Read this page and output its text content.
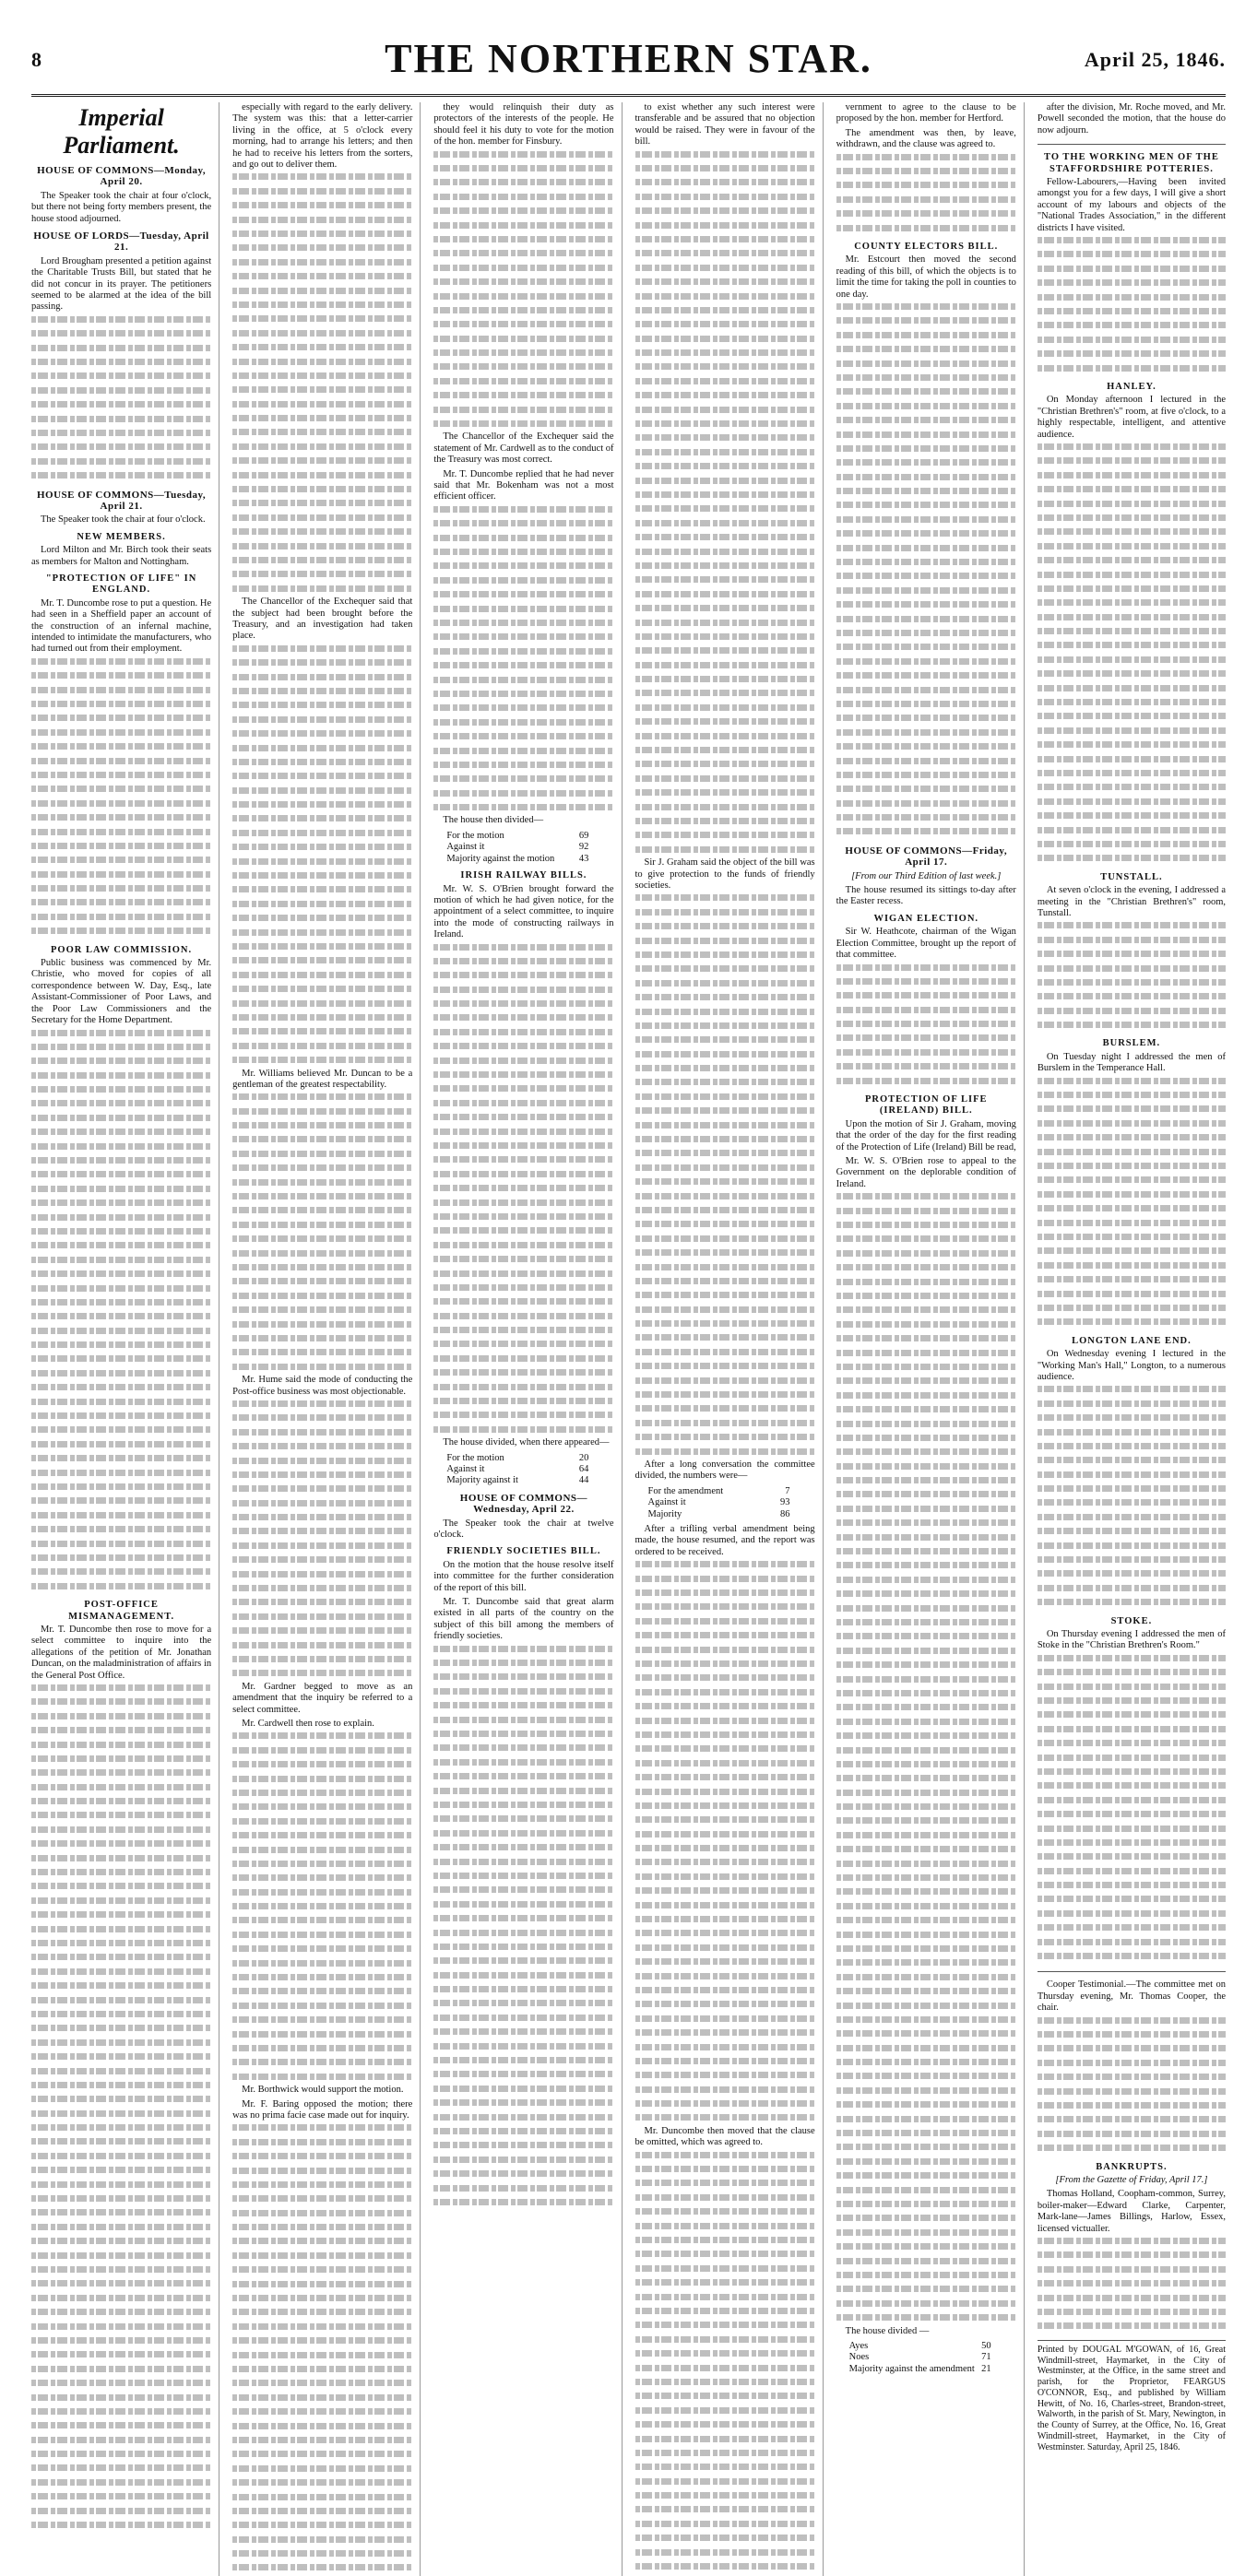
8	THE NORTHERN STAR.	April 25, 1846.
Imperial Parliament.
HOUSE OF COMMONS—Monday, April 20.

The Speaker took the chair at four o'clock, but there not being forty members present, the house stood adjourned.

HOUSE OF LORDS—Tuesday, April 21.

Lord Brougham presented a petition against the Charitable Trusts Bill, but stated that he did not concur in its prayer. The petitioners seemed to be alarmed at the idea of the bill passing.

HOUSE OF COMMONS—Tuesday, April 21.

The Speaker took the chair at four o'clock.

NEW MEMBERS.

Lord Milton and Mr. Birch took their seats as members for Malton and Nottingham.

"PROTECTION OF LIFE" IN ENGLAND.

Mr. T. Duncombe rose to put a question. He had seen in a Sheffield paper an account of the construction of an infernal machine, intended to intimidate the manufacturers, who had turned out from their employment.

POOR LAW COMMISSION.

Public business was commenced by Mr. Christie, who moved for copies of all correspondence between W. Day, Esq., late Assistant-Commissioner of Poor Laws, and the Poor Law Commissioners and the Secretary for the Home Department.

POST-OFFICE MISMANAGEMENT.

Mr. T. Duncombe then rose to move for a select committee to inquire into the allegations of the petition of Mr. Jonathan Duncan, on the maladministration of affairs in the General Post Office.

especially with regard to the early delivery. The system was this: that a letter-carrier living in the office, at 5 o'clock every morning, had to arrange his letters; and then he had to receive his letters from the sorters, and go out to deliver them.

The Chancellor of the Exchequer said that the subject had been brought before the Treasury, and an investigation had taken place.

Mr. Williams believed Mr. Duncan to be a gentleman of the greatest respectability.

Mr. Hume said the mode of conducting the Post-office business was most objectionable.

Mr. Gardner begged to move as an amendment that the inquiry be referred to a select committee.

Mr. Cardwell then rose to explain.

Mr. Borthwick would support the motion.

Mr. F. Baring opposed the motion; there was no prima facie case made out for inquiry.

they would relinquish their duty as protectors of the interests of the people. He should feel it his duty to vote for the motion of the hon. member for Finsbury.

The Chancellor of the Exchequer said the statement of Mr. Cardwell as to the conduct of the Treasury was most correct.

Mr. T. Duncombe replied that he had never said that Mr. Bokenham was not a most efficient officer.

The house then divided—

For the motion	69
Against it	92
Majority against the motion	43
IRISH RAILWAY BILLS.

Mr. W. S. O'Brien brought forward the motion of which he had given notice, for the appointment of a select committee, to inquire into the mode of constructing railways in Ireland.

The house divided, when there appeared—

For the motion	20
Against it	64
Majority against it	44
HOUSE OF COMMONS—Wednesday, April 22.

The Speaker took the chair at twelve o'clock.

FRIENDLY SOCIETIES BILL.

On the motion that the house resolve itself into committee for the further consideration of the report of this bill.

Mr. T. Duncombe said that great alarm existed in all parts of the country on the subject of this bill among the members of friendly societies.

to exist whether any such interest were transferable and be assured that no objection would be raised. They were in favour of the bill.

Sir J. Graham said the object of the bill was to give protection to the funds of friendly societies.

After a long conversation the committee divided, the numbers were—

For the amendment	7
Against it	93
Majority	86

After a trifling verbal amendment being made, the house resumed, and the report was ordered to be received.

Mr. Duncombe then moved that the clause be omitted, which was agreed to.

vernment to agree to the clause to be proposed by the hon. member for Hertford.

The amendment was then, by leave, withdrawn, and the clause was agreed to.

COUNTY ELECTORS BILL.

Mr. Estcourt then moved the second reading of this bill, of which the objects is to limit the time for taking the poll in counties to one day.

HOUSE OF COMMONS—Friday, April 17.

[From our Third Edition of last week.]

The house resumed its sittings to-day after the Easter recess.

WIGAN ELECTION.

Sir W. Heathcote, chairman of the Wigan Election Committee, brought up the report of that committee.

PROTECTION OF LIFE (IRELAND) BILL.

Upon the motion of Sir J. Graham, moving that the order of the day for the first reading of the Protection of Life (Ireland) Bill be read,

Mr. W. S. O'Brien rose to appeal to the Government on the deplorable condition of Ireland.

The house divided —

Ayes	50
Noes	71
Majority against the amendment 21

after the division, Mr. Roche moved, and Mr. Powell seconded the motion, that the house do now adjourn.

TO THE WORKING MEN OF THE STAFFORDSHIRE POTTERIES.

Fellow-Labourers,—Having been invited amongst you for a few days, I will give a short account of my labours and objects of the "National Trades Association," in the different districts I have visited.

HANLEY.

On Monday afternoon I lectured in the "Christian Brethren's" room, at five o'clock, to a highly respectable, intelligent, and attentive audience.

TUNSTALL.

At seven o'clock in the evening, I addressed a meeting in the "Christian Brethren's" room, Tunstall.

BURSLEM.

On Tuesday night I addressed the men of Burslem in the Temperance Hall.

LONGTON LANE END.

On Wednesday evening I lectured in the "Working Man's Hall," Longton, to a numerous audience.

STOKE.

On Thursday evening I addressed the men of Stoke in the "Christian Brethren's Room."

Cooper Testimonial.—The committee met on Thursday evening, Mr. Thomas Cooper, the chair.

BANKRUPTS.

[From the Gazette of Friday, April 17.]

Thomas Holland, Coopham-common, Surrey, boiler-maker—Edward Clarke, Carpenter, Mark-lane—James Billings, Harlow, Essex, licensed victualler.

Printed by DOUGAL M'GOWAN, of 16, Great Windmill-street, Haymarket, in the City of Westminster, at the Office, in the same street and parish, for the Proprietor, FEARGUS O'CONNOR, Esq., and published by William Hewitt, of No. 16, Charles-street, Brandon-street, Walworth, in the parish of St. Mary, Newington, in the County of Surrey, at the Office, No. 16, Great Windmill-street, Haymarket, in the City of Westminster. Saturday, April 25, 1846.
